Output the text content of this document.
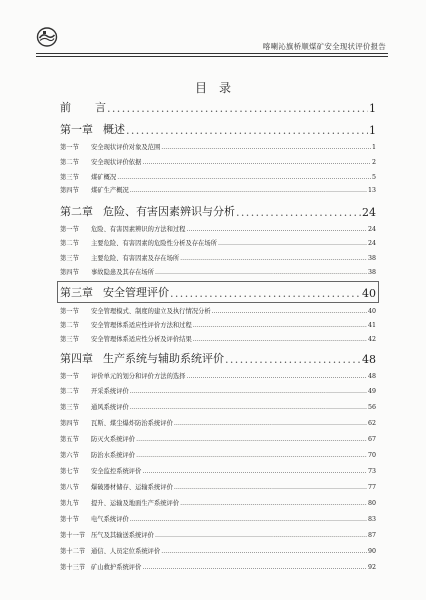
喀喇沁旗桥顺煤矿安全现状评价报告
目录
前 言 .....	1
第一章 概述 .....	1
第一节	安全现状评价对象及范围 .....	1
第二节	安全现状评价依据 .....	2
第三节	煤矿概况 .....	5
第四节	煤矿生产概况 .....	13
第二章 危险、有害因素辨识与分析 .....	24
第一节	危险、有害因素辨识的方法和过程 .....	24
第二节	主要危险、有害因素的危险性分析及存在场所 .....	24
第三节	主要危险、有害因素及存在场所 .....	38
第四节	事故隐患及其存在场所 .....	38
第三章 安全管理评价 .....	40
第一节	安全管理模式、制度的建立及执行情况分析 .....	40
第二节	安全管理体系适应性评价方法和过程 .....	41
第三节	安全管理体系适应性分析及评价结果 .....	42
第四章 生产系统与辅助系统评价 .....	48
第一节	评价单元的划分和评价方法的选择 .....	48
第二节	开采系统评价 .....	49
第三节	通风系统评价 .....	56
第四节	瓦斯、煤尘爆炸防治系统评价 .....	62
第五节	防灭火系统评价 .....	67
第六节	防治水系统评价 .....	70
第七节	安全监控系统评价 .....	73
第八节	爆破器材储存、运输系统评价 .....	77
第九节	提升、运输及地面生产系统评价 .....	80
第十节	电气系统评价 .....	83
第十一节 压气及其输送系统评价 .....	87
第十二节 通信、人员定位系统评价 .....	90
第十三节 矿山救护系统评价 .....	92
